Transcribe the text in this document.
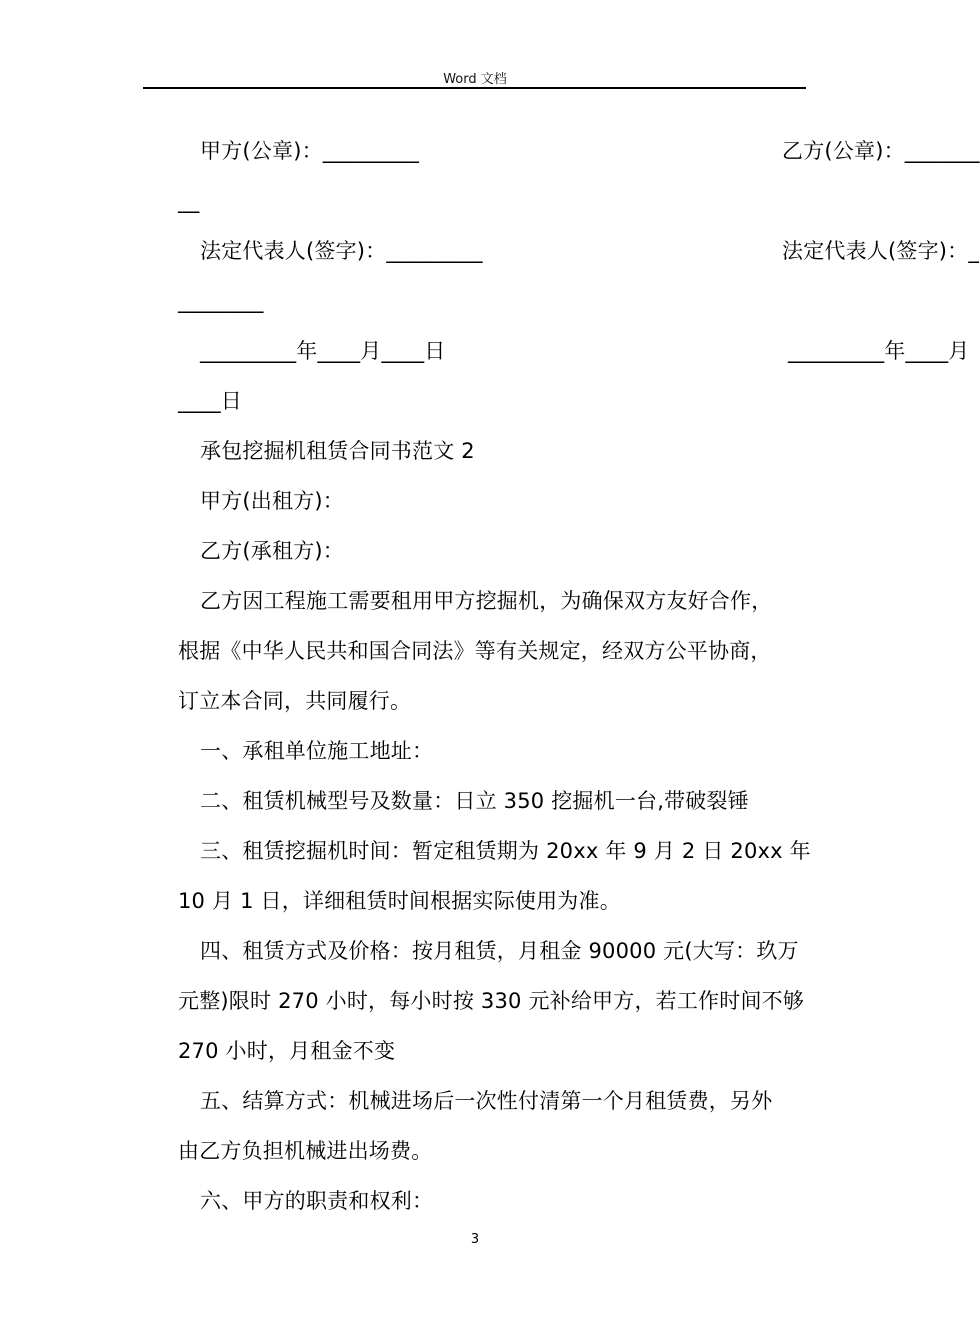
Word 文档
甲方(公章)：_________	乙方(公章)：_______
__
法定代表人(签字)：_________	法定代表人(签字)：_
________
_________年____月____日	_________年____月
____日
承包挖掘机租赁合同书范文 2
甲方(出租方)：
乙方(承租方)：
乙方因工程施工需要租用甲方挖掘机，为确保双方友好合作，
根据《中华人民共和国合同法》等有关规定，经双方公平协商，
订立本合同，共同履行。
一、承租单位施工地址：
二、租赁机械型号及数量：日立 350 挖掘机一台,带破裂锤
三、租赁挖掘机时间：暂定租赁期为 20xx 年 9 月 2 日 20xx 年
10 月 1 日，详细租赁时间根据实际使用为准。
四、租赁方式及价格：按月租赁，月租金 90000 元(大写：玖万
元整)限时 270 小时，每小时按 330 元补给甲方，若工作时间不够
270 小时，月租金不变
五、结算方式：机械进场后一次性付清第一个月租赁费，另外
由乙方负担机械进出场费。
六、甲方的职责和权利：
3
